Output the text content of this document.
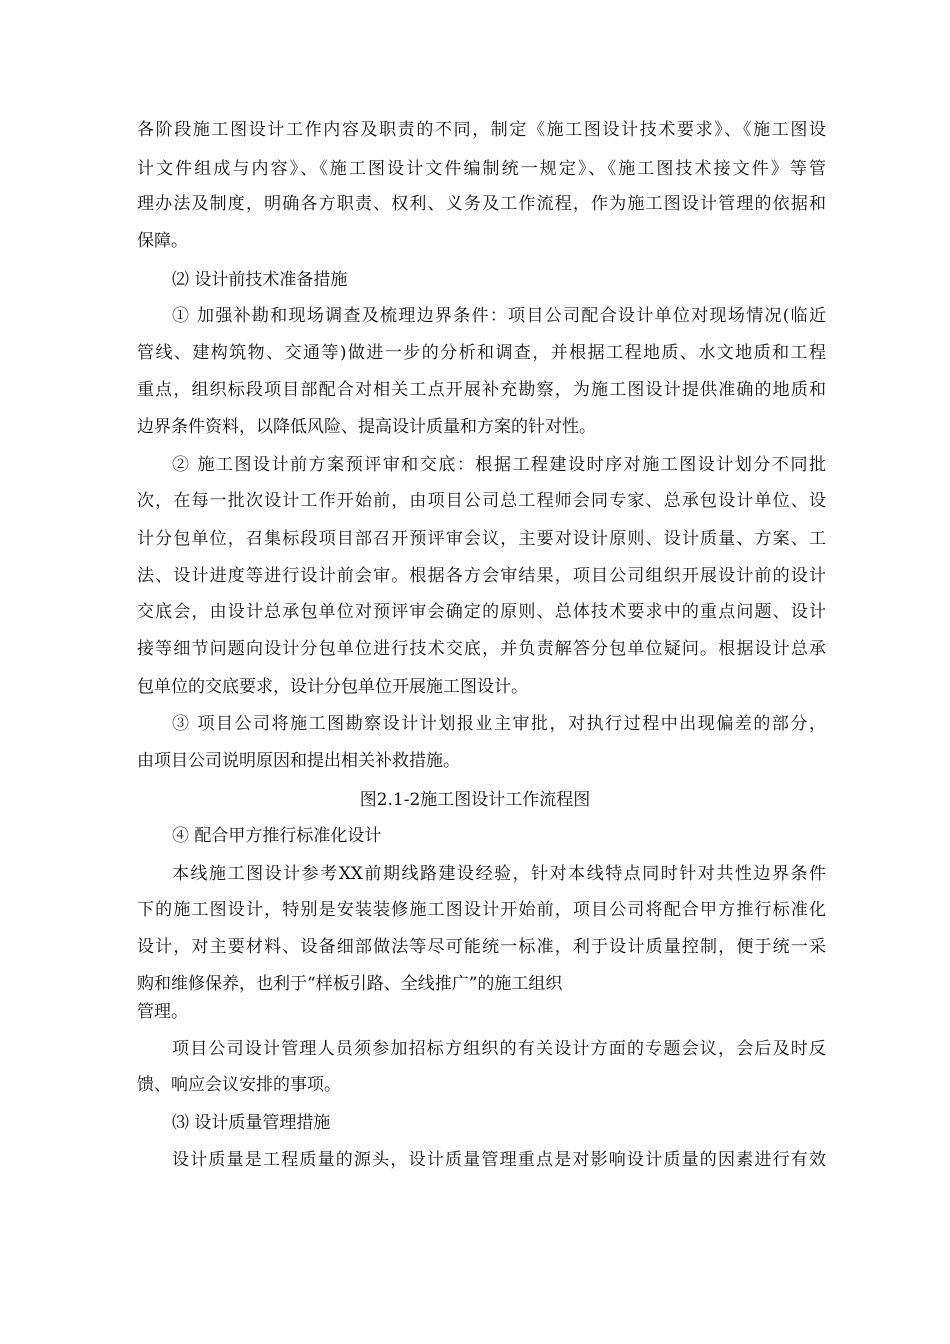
各阶段施工图设计工作内容及职责的不同，制定《施工图设计技术要求》、《施工图设
计文件组成与内容》、《施工图设计文件编制统一规定》、《施工图技术接文件》等管
理办法及制度，明确各方职责、权利、义务及工作流程，作为施工图设计管理的依据和
保障。
⑵ 设计前技术准备措施
① 加强补勘和现场调查及梳理边界条件：项目公司配合设计单位对现场情况(临近
管线、建构筑物、交通等)做进一步的分析和调查，并根据工程地质、水文地质和工程
重点，组织标段项目部配合对相关工点开展补充勘察，为施工图设计提供准确的地质和
边界条件资料，以降低风险、提高设计质量和方案的针对性。
② 施工图设计前方案预评审和交底：根据工程建设时序对施工图设计划分不同批
次，在每一批次设计工作开始前，由项目公司总工程师会同专家、总承包设计单位、设
计分包单位，召集标段项目部召开预评审会议，主要对设计原则、设计质量、方案、工
法、设计进度等进行设计前会审。根据各方会审结果，项目公司组织开展设计前的设计
交底会，由设计总承包单位对预评审会确定的原则、总体技术要求中的重点问题、设计
接等细节问题向设计分包单位进行技术交底，并负责解答分包单位疑问。根据设计总承
包单位的交底要求，设计分包单位开展施工图设计。
③ 项目公司将施工图勘察设计计划报业主审批，对执行过程中出现偏差的部分，
由项目公司说明原因和提出相关补救措施。
图2.1-2施工图设计工作流程图
④ 配合甲方推行标准化设计
本线施工图设计参考XX前期线路建设经验，针对本线特点同时针对共性边界条件
下的施工图设计，特别是安装装修施工图设计开始前，项目公司将配合甲方推行标准化
设计，对主要材料、设备细部做法等尽可能统一标准，利于设计质量控制，便于统一采
购和维修保养，也利于“样板引路、全线推广”的施工组织
管理。
项目公司设计管理人员须参加招标方组织的有关设计方面的专题会议，会后及时反
馈、响应会议安排的事项。
⑶ 设计质量管理措施
设计质量是工程质量的源头，设计质量管理重点是对影响设计质量的因素进行有效
